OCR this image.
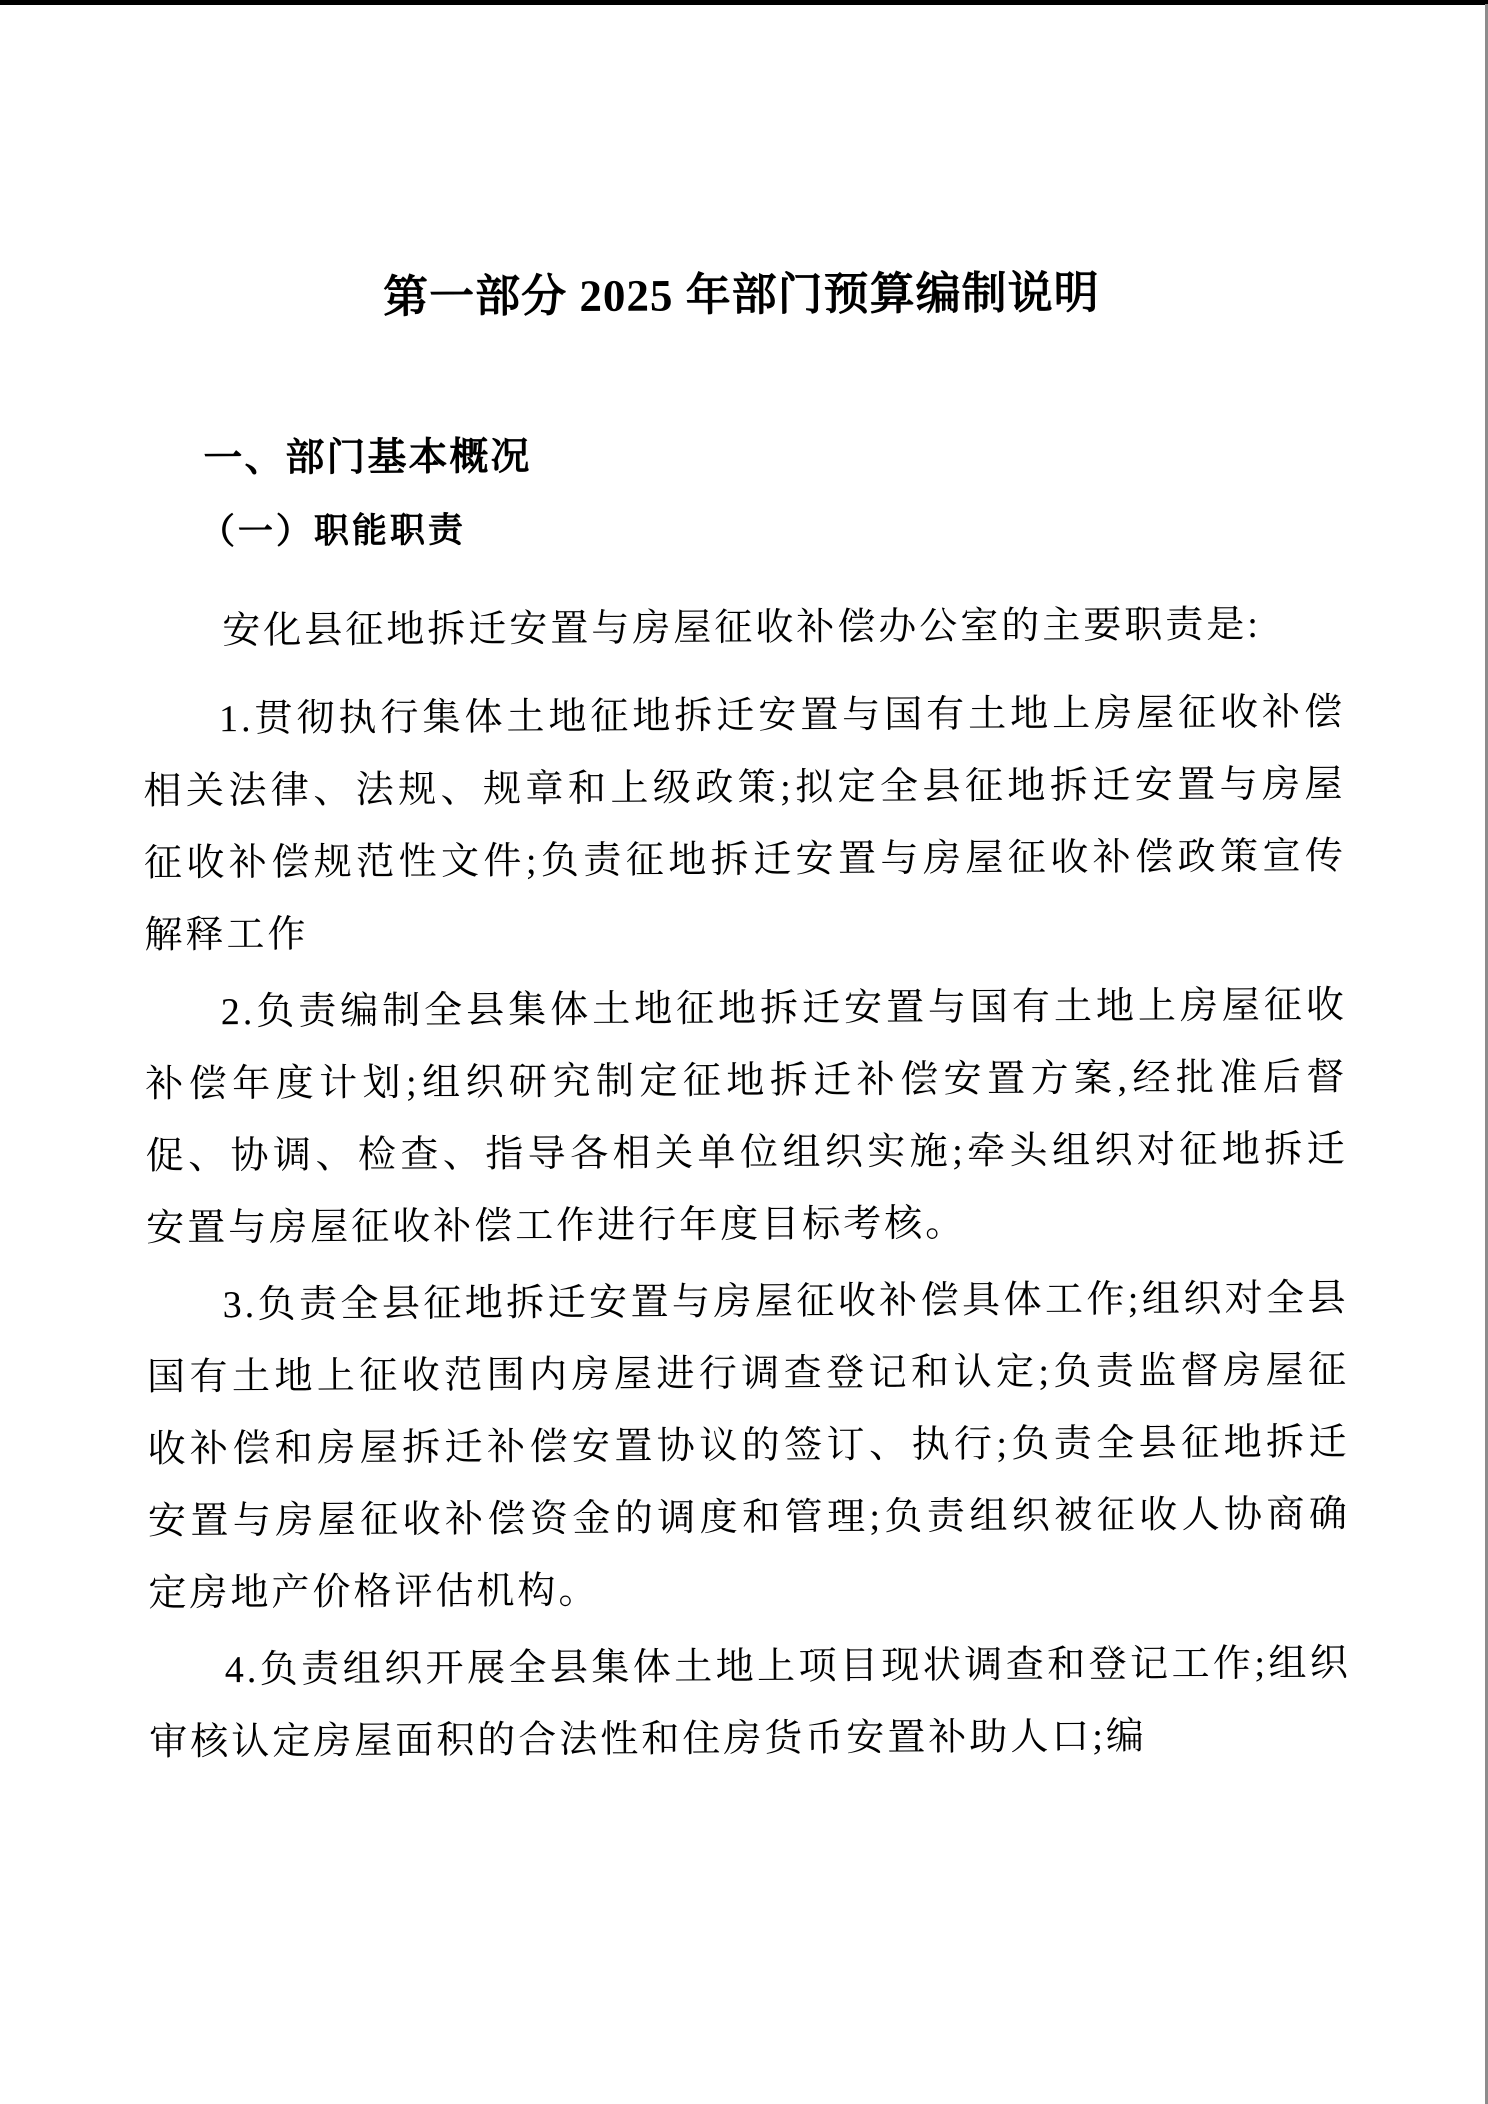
第一部分 2025 年部门预算编制说明
一、部门基本概况
（一）职能职责

安化县征地拆迁安置与房屋征收补偿办公室的主要职责是:

1.贯彻执行集体土地征地拆迁安置与国有土地上房屋征收补偿相关法律、法规、规章和上级政策;拟定全县征地拆迁安置与房屋征收补偿规范性文件;负责征地拆迁安置与房屋征收补偿政策宣传解释工作

2.负责编制全县集体土地征地拆迁安置与国有土地上房屋征收补偿年度计划;组织研究制定征地拆迁补偿安置方案,经批准后督促、协调、检查、指导各相关单位组织实施;牵头组织对征地拆迁安置与房屋征收补偿工作进行年度目标考核。

3.负责全县征地拆迁安置与房屋征收补偿具体工作;组织对全县国有土地上征收范围内房屋进行调查登记和认定;负责监督房屋征收补偿和房屋拆迁补偿安置协议的签订、执行;负责全县征地拆迁安置与房屋征收补偿资金的调度和管理;负责组织被征收人协商确定房地产价格评估机构。

4.负责组织开展全县集体土地上项目现状调查和登记工作;组织审核认定房屋面积的合法性和住房货币安置补助人口;编
